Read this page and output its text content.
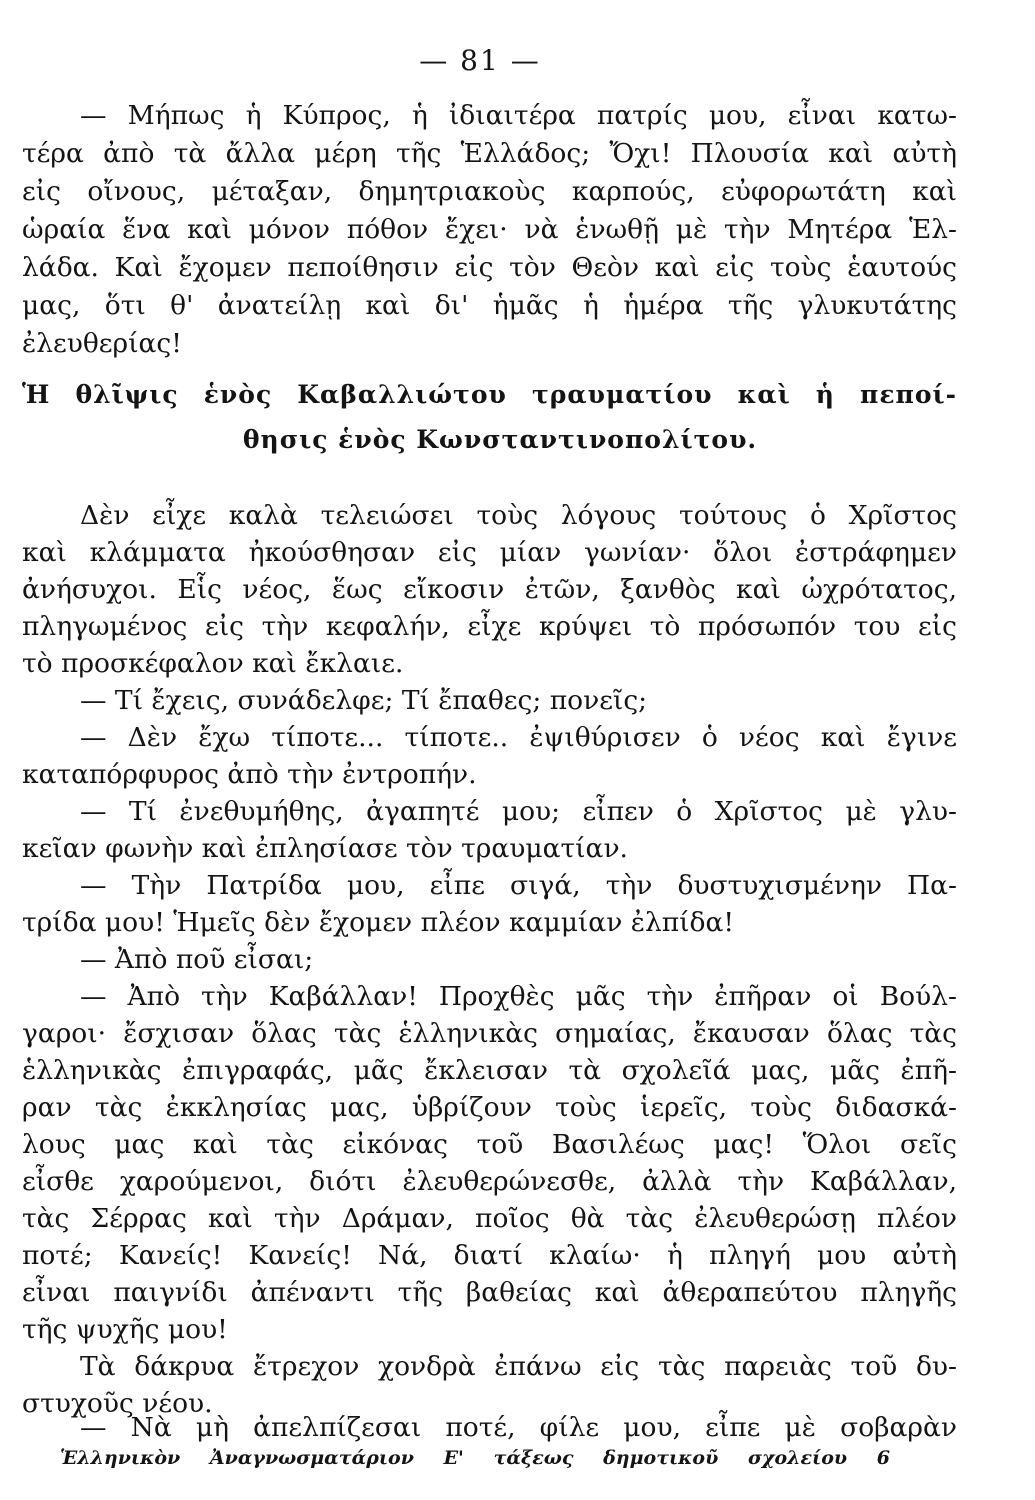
— 81 —
— Μήπως ἡ Κύπρος, ἡ ἰδιαιτέρα πατρίς μου, εἶναι κατω-
τέρα ἀπὸ τὰ ἄλλα μέρη τῆς Ἑλλάδος; Ὄχι! Πλουσία καὶ αὐτὴ
εἰς οἴνους, μέταξαν, δημητριακοὺς καρπούς, εὐφορωτάτη καὶ
ὡραία ἕνα καὶ μόνον πόθον ἔχει· νὰ ἑνωθῇ μὲ τὴν Μητέρα Ἑλ-
λάδα. Καὶ ἔχομεν πεποίθησιν εἰς τὸν Θεὸν καὶ εἰς τοὺς ἑαυτούς
μας, ὅτι θ' ἀνατείλῃ καὶ δι' ἡμᾶς ἡ ἡμέρα τῆς γλυκυτάτης
ἐλευθερίας!
Ἡ θλῖψις ἑνὸς Καβαλλιώτου τραυματίου καὶ ἡ πεποί-
θησις ἑνὸς Κωνσταντινοπολίτου.
Δὲν εἶχε καλὰ τελειώσει τοὺς λόγους τούτους ὁ Χρῖστος
καὶ κλάμματα ἠκούσθησαν εἰς μίαν γωνίαν· ὅλοι ἐστράφημεν
ἀνήσυχοι. Εἷς νέος, ἕως εἴκοσιν ἐτῶν, ξανθὸς καὶ ὠχρότατος,
πληγωμένος εἰς τὴν κεφαλήν, εἶχε κρύψει τὸ πρόσωπόν του εἰς
τὸ προσκέφαλον καὶ ἔκλαιε.
— Τί ἔχεις, συνάδελφε; Τί ἔπαθες; πονεῖς;
— Δὲν ἔχω τίποτε... τίποτε.. ἐψιθύρισεν ὁ νέος καὶ ἔγινε
καταπόρφυρος ἀπὸ τὴν ἐντροπήν.
— Τί ἐνεθυμήθης, ἀγαπητέ μου; εἶπεν ὁ Χρῖστος μὲ γλυ-
κεῖαν φωνὴν καὶ ἐπλησίασε τὸν τραυματίαν.
— Τὴν Πατρίδα μου, εἶπε σιγά, τὴν δυστυχισμένην Πα-
τρίδα μου! Ἡμεῖς δὲν ἔχομεν πλέον καμμίαν ἐλπίδα!
— Ἀπὸ ποῦ εἶσαι;
— Ἀπὸ τὴν Καβάλλαν! Προχθὲς μᾶς τὴν ἐπῆραν οἱ Βούλ-
γαροι· ἔσχισαν ὅλας τὰς ἑλληνικὰς σημαίας, ἔκαυσαν ὅλας τὰς
ἑλληνικὰς ἐπιγραφάς, μᾶς ἔκλεισαν τὰ σχολεῖά μας, μᾶς ἐπῆ-
ραν τὰς ἐκκλησίας μας, ὑβρίζουν τοὺς ἱερεῖς, τοὺς διδασκά-
λους μας καὶ τὰς εἰκόνας τοῦ Βασιλέως μας! Ὅλοι σεῖς
εἶσθε χαρούμενοι, διότι ἐλευθερώνεσθε, ἀλλὰ τὴν Καβάλλαν,
τὰς Σέρρας καὶ τὴν Δράμαν, ποῖος θὰ τὰς ἐλευθερώσῃ πλέον
ποτέ; Κανείς! Κανείς! Νά, διατί κλαίω· ἡ πληγή μου αὐτὴ
εἶναι παιγνίδι ἀπέναντι τῆς βαθείας καὶ ἀθεραπεύτου πληγῆς
τῆς ψυχῆς μου!
Τὰ δάκρυα ἔτρεχον χονδρὰ ἐπάνω εἰς τὰς παρειὰς τοῦ δυ-
στυχοῦς νέου.
— Νὰ μὴ ἀπελπίζεσαι ποτέ, φίλε μου, εἶπε μὲ σοβαρὰν
Ἑλληνικὸν Ἀναγνωσματάριον Ε' τάξεως δημοτικοῦ σχολείου 6
